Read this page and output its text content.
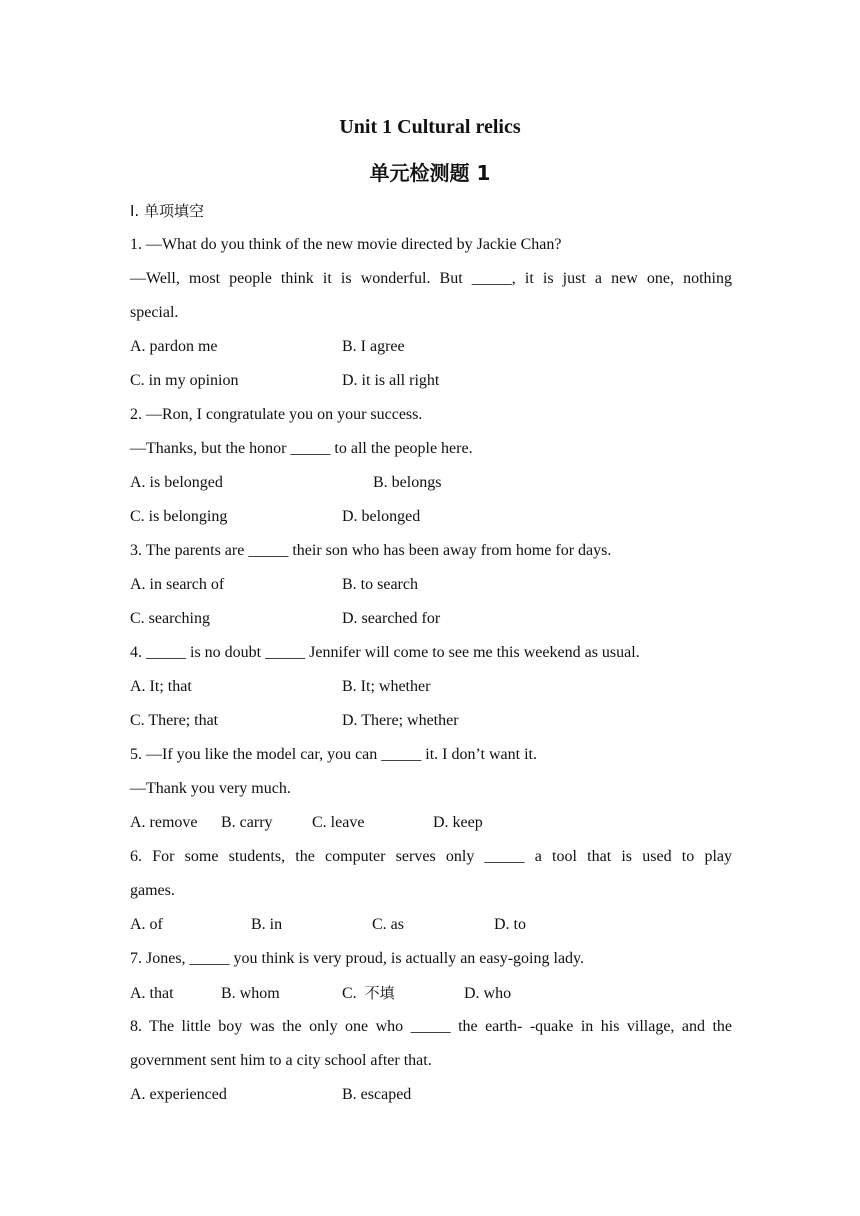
Unit 1 Cultural relics
单元检测题 1
I. 单项填空
1. —What do you think of the new movie directed by Jackie Chan?
—Well, most people think it is wonderful. But _____, it is just a new one, nothing
special.
A. pardon me	B. I agree
C. in my opinion	D. it is all right
2. —Ron, I congratulate you on your success.
—Thanks, but the honor _____ to all the people here.
A. is belonged	B. belongs
C. is belonging	D. belonged
3. The parents are _____ their son who has been away from home for days.
A. in search of	B. to search
C. searching	D. searched for
4. _____ is no doubt _____ Jennifer will come to see me this weekend as usual.
A. It; that	B. It; whether
C. There; that	D. There; whether
5. —If you like the model car, you can _____ it. I don’t want it.
—Thank you very much.
A. remove B. carry C. leave	D. keep
6. For some students, the computer serves only _____ a tool that is used to play
games.
A. of	B. in	C. as	D. to
7. Jones, _____ you think is very proud, is actually an easy-going lady.
A. that	B. whom	C. 不填	D. who
8. The little boy was the only one who _____ the earth- -quake in his village, and the
government sent him to a city school after that.
A. experienced	B. escaped
